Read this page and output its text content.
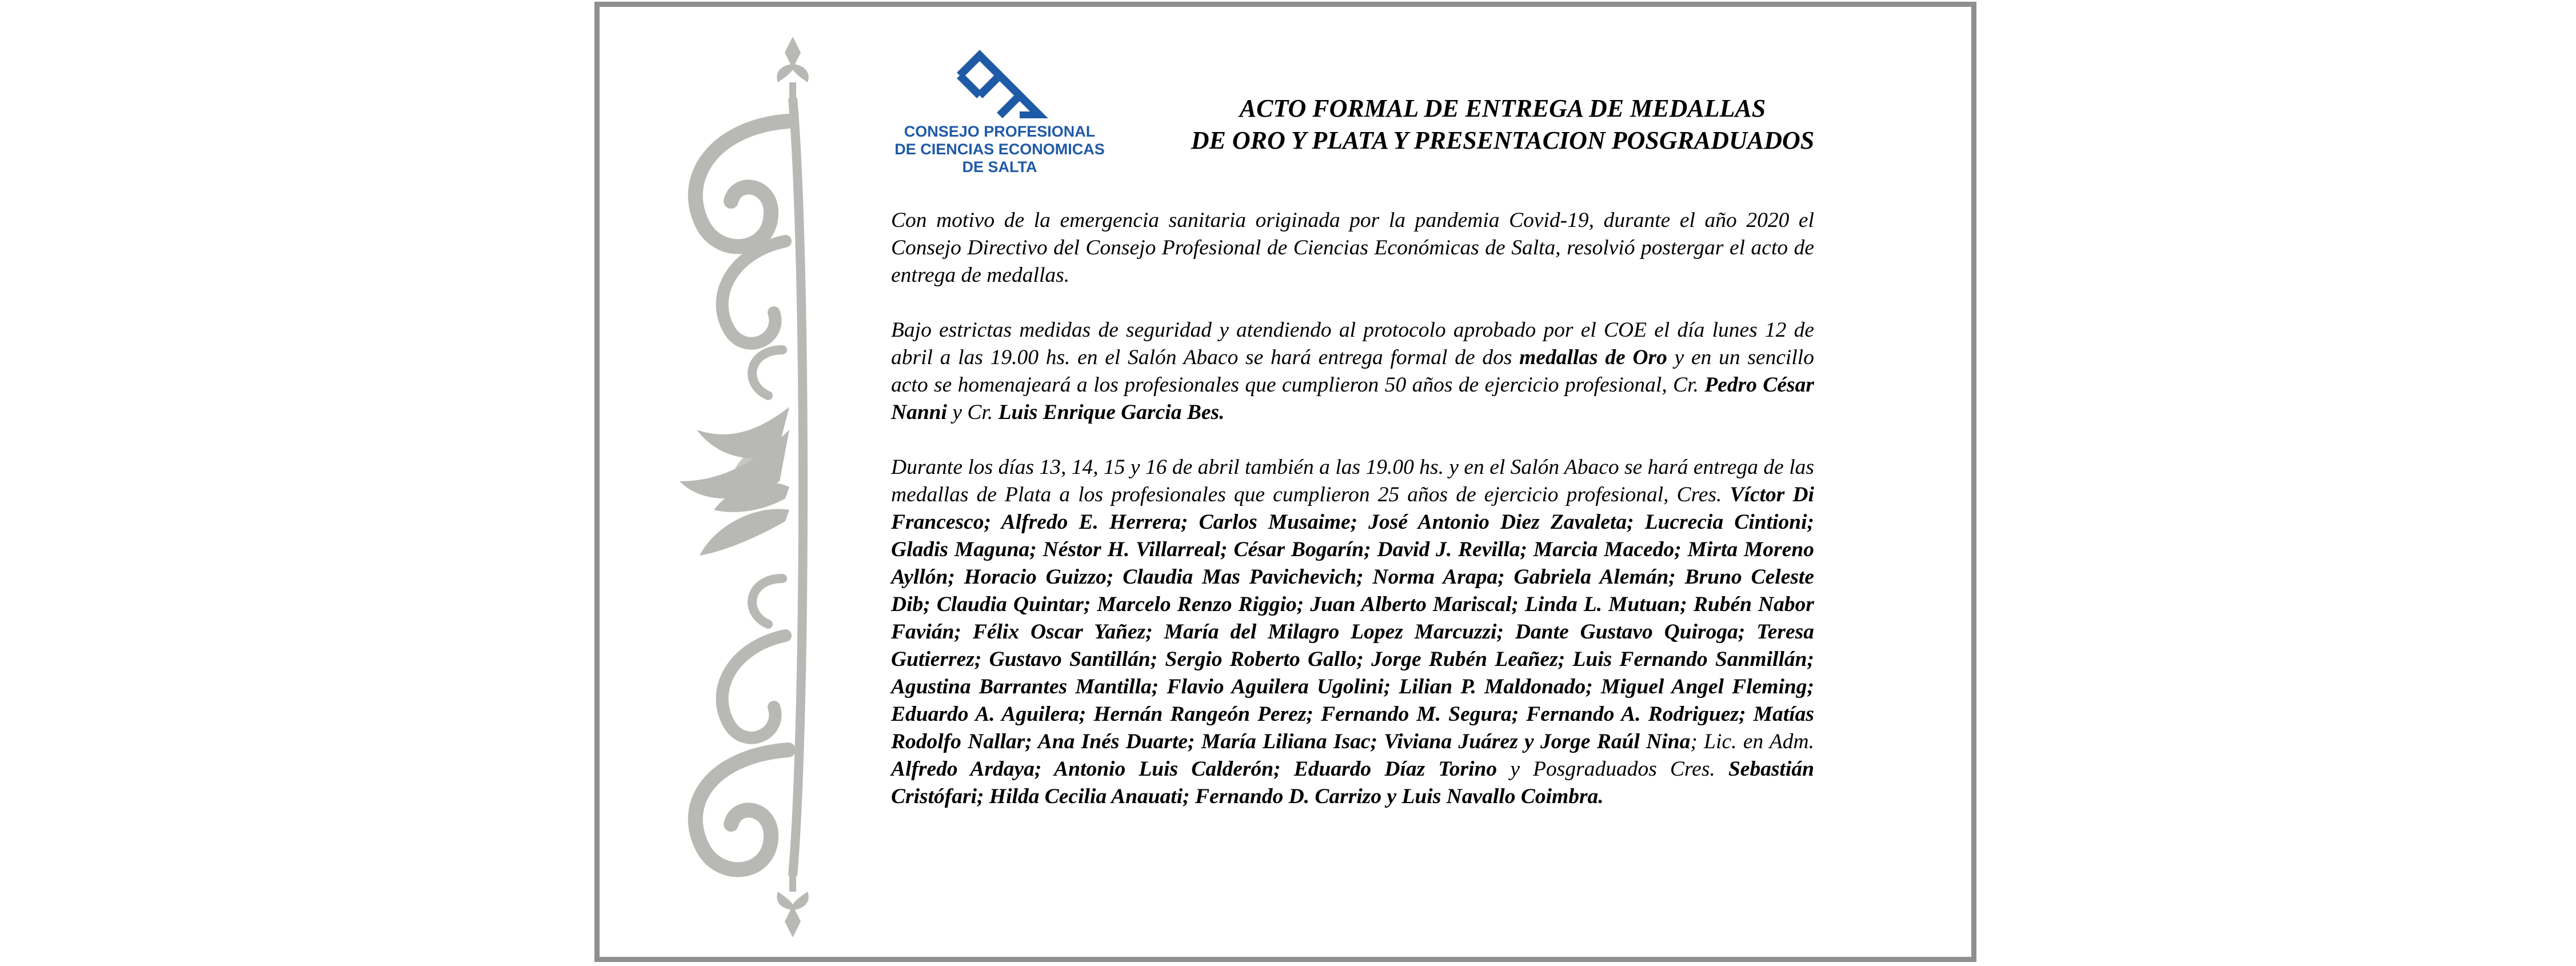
CONSEJO PROFESIONAL
DE CIENCIAS ECONOMICAS
DE SALTA
ACTO FORMAL DE ENTREGA DE MEDALLAS
DE ORO Y PLATA Y PRESENTACION POSGRADUADOS

Con motivo de la emergencia sanitaria originada por la pandemia Covid-19, durante el año 2020 el Consejo Directivo del Consejo Profesional de Ciencias Económicas de Salta, resolvió postergar el acto de entrega de medallas.

Bajo estrictas medidas de seguridad y atendiendo al protocolo aprobado por el COE el día lunes 12 de abril a las 19.00 hs. en el Salón Abaco se hará entrega formal de dos medallas de Oro y en un sencillo acto se homenajeará a los profesionales que cumplieron 50 años de ejercicio profesional, Cr. Pedro César Nanni y Cr. Luis Enrique Garcia Bes.

Durante los días 13, 14, 15 y 16 de abril también a las 19.00 hs. y en el Salón Abaco se hará entrega de las medallas de Plata a los profesionales que cumplieron 25 años de ejercicio profesional, Cres. Víctor Di Francesco; Alfredo E. Herrera; Carlos Musaime; José Antonio Diez Zavaleta; Lucrecia Cintioni; Gladis Maguna; Néstor H. Villarreal; César Bogarín; David J. Revilla; Marcia Macedo; Mirta Moreno Ayllón; Horacio Guizzo; Claudia Mas Pavichevich; Norma Arapa; Gabriela Alemán; Bruno Celeste Dib; Claudia Quintar; Marcelo Renzo Riggio; Juan Alberto Mariscal; Linda L. Mutuan; Rubén Nabor Favián; Félix Oscar Yañez; María del Milagro Lopez Marcuzzi; Dante Gustavo Quiroga; Teresa Gutierrez; Gustavo Santillán; Sergio Roberto Gallo; Jorge Rubén Leañez; Luis Fernando Sanmillán; Agustina Barrantes Mantilla; Flavio Aguilera Ugolini; Lilian P. Maldonado; Miguel Angel Fleming; Eduardo A. Aguilera; Hernán Rangeón Perez; Fernando M. Segura; Fernando A. Rodriguez; Matías Rodolfo Nallar; Ana Inés Duarte; María Liliana Isac; Viviana Juárez y Jorge Raúl Nina; Lic. en Adm. Alfredo Ardaya; Antonio Luis Calderón; Eduardo Díaz Torino y Posgraduados Cres. Sebastián Cristófari; Hilda Cecilia Anauati; Fernando D. Carrizo y Luis Navallo Coimbra.
